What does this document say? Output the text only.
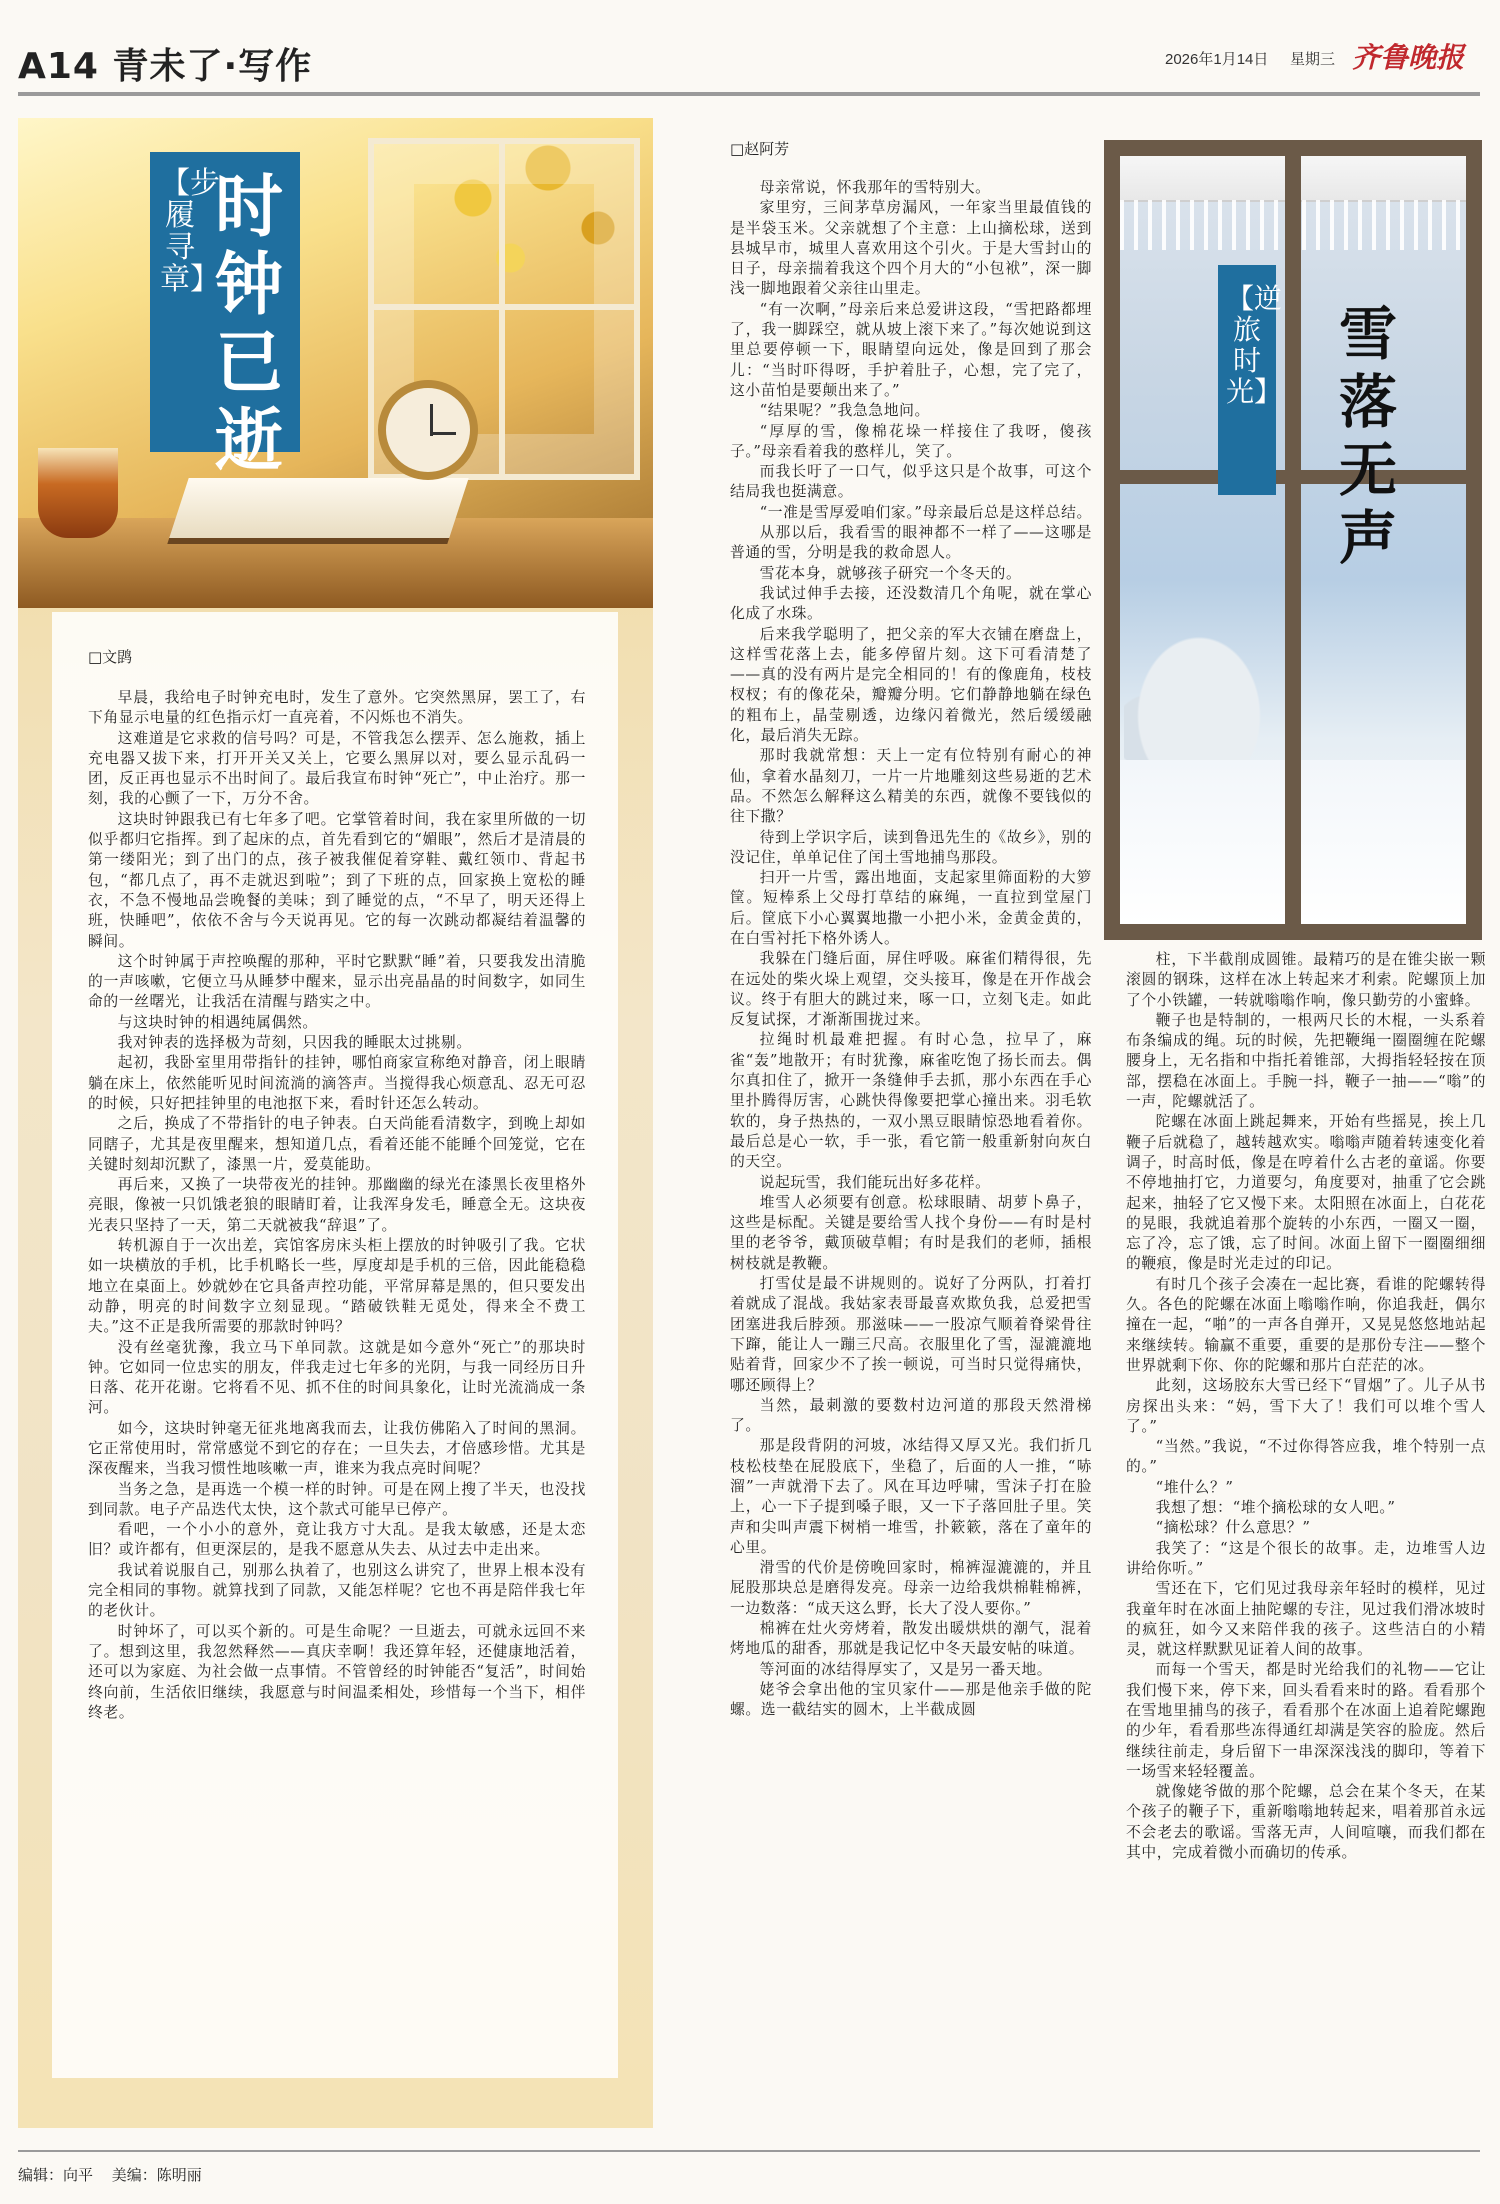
A14 青未了·写作	2026年1月14日 星期三 齐鲁晚报
【步履寻章】
时钟已逝
□文鹍

早晨，我给电子时钟充电时，发生了意外。它突然黑屏，罢工了，右下角显示电量的红色指示灯一直亮着，不闪烁也不消失。

这难道是它求救的信号吗？可是，不管我怎么摆弄、怎么施救，插上充电器又拔下来，打开开关又关上，它要么黑屏以对，要么显示乱码一团，反正再也显示不出时间了。最后我宣布时钟“死亡”，中止治疗。那一刻，我的心颤了一下，万分不舍。

这块时钟跟我已有七年多了吧。它掌管着时间，我在家里所做的一切似乎都归它指挥。到了起床的点，首先看到它的“媚眼”，然后才是清晨的第一缕阳光；到了出门的点，孩子被我催促着穿鞋、戴红领巾、背起书包，“都几点了，再不走就迟到啦”；到了下班的点，回家换上宽松的睡衣，不急不慢地品尝晚餐的美味；到了睡觉的点，“不早了，明天还得上班，快睡吧”，依依不舍与今天说再见。它的每一次跳动都凝结着温馨的瞬间。

这个时钟属于声控唤醒的那种，平时它默默“睡”着，只要我发出清脆的一声咳嗽，它便立马从睡梦中醒来，显示出亮晶晶的时间数字，如同生命的一丝曙光，让我活在清醒与踏实之中。

与这块时钟的相遇纯属偶然。

我对钟表的选择极为苛刻，只因我的睡眠太过挑剔。

起初，我卧室里用带指针的挂钟，哪怕商家宣称绝对静音，闭上眼睛躺在床上，依然能听见时间流淌的滴答声。当搅得我心烦意乱、忍无可忍的时候，只好把挂钟里的电池抠下来，看时针还怎么转动。

之后，换成了不带指针的电子钟表。白天尚能看清数字，到晚上却如同瞎子，尤其是夜里醒来，想知道几点，看着还能不能睡个回笼觉，它在关键时刻却沉默了，漆黑一片，爱莫能助。

再后来，又换了一块带夜光的挂钟。那幽幽的绿光在漆黑长夜里格外亮眼，像被一只饥饿老狼的眼睛盯着，让我浑身发毛，睡意全无。这块夜光表只坚持了一天，第二天就被我“辞退”了。

转机源自于一次出差，宾馆客房床头柜上摆放的时钟吸引了我。它状如一块横放的手机，比手机略长一些，厚度却是手机的三倍，因此能稳稳地立在桌面上。妙就妙在它具备声控功能，平常屏幕是黑的，但只要发出动静，明亮的时间数字立刻显现。“踏破铁鞋无觅处，得来全不费工夫。”这不正是我所需要的那款时钟吗？

没有丝毫犹豫，我立马下单同款。这就是如今意外“死亡”的那块时钟。它如同一位忠实的朋友，伴我走过七年多的光阴，与我一同经历日升日落、花开花谢。它将看不见、抓不住的时间具象化，让时光流淌成一条河。

如今，这块时钟毫无征兆地离我而去，让我仿佛陷入了时间的黑洞。它正常使用时，常常感觉不到它的存在；一旦失去，才倍感珍惜。尤其是深夜醒来，当我习惯性地咳嗽一声，谁来为我点亮时间呢？

当务之急，是再选一个模一样的时钟。可是在网上搜了半天，也没找到同款。电子产品迭代太快，这个款式可能早已停产。

看吧，一个小小的意外，竟让我方寸大乱。是我太敏感，还是太恋旧？或许都有，但更深层的，是我不愿意从失去、从过去中走出来。

我试着说服自己，别那么执着了，也别这么讲究了，世界上根本没有完全相同的事物。就算找到了同款，又能怎样呢？它也不再是陪伴我七年的老伙计。

时钟坏了，可以买个新的。可是生命呢？一旦逝去，可就永远回不来了。想到这里，我忽然释然——真庆幸啊！我还算年轻，还健康地活着，还可以为家庭、为社会做一点事情。不管曾经的时钟能否“复活”，时间始终向前，生活依旧继续，我愿意与时间温柔相处，珍惜每一个当下，相伴终老。

□赵阿芳

母亲常说，怀我那年的雪特别大。

家里穷，三间茅草房漏风，一年家当里最值钱的是半袋玉米。父亲就想了个主意：上山摘松球，送到县城早市，城里人喜欢用这个引火。于是大雪封山的日子，母亲揣着我这个四个月大的“小包袱”，深一脚浅一脚地跟着父亲往山里走。

“有一次啊，”母亲后来总爱讲这段，“雪把路都埋了，我一脚踩空，就从坡上滚下来了。”每次她说到这里总要停顿一下，眼睛望向远处，像是回到了那会儿：“当时吓得呀，手护着肚子，心想，完了完了，这小苗怕是要颠出来了。”

“结果呢？”我急急地问。

“厚厚的雪，像棉花垛一样接住了我呀，傻孩子。”母亲看着我的憨样儿，笑了。

而我长吁了一口气，似乎这只是个故事，可这个结局我也挺满意。

“一准是雪厚爱咱们家。”母亲最后总是这样总结。

从那以后，我看雪的眼神都不一样了——这哪是普通的雪，分明是我的救命恩人。

雪花本身，就够孩子研究一个冬天的。

我试过伸手去接，还没数清几个角呢，就在掌心化成了水珠。

后来我学聪明了，把父亲的军大衣铺在磨盘上，这样雪花落上去，能多停留片刻。这下可看清楚了——真的没有两片是完全相同的！有的像鹿角，枝枝杈杈；有的像花朵，瓣瓣分明。它们静静地躺在绿色的粗布上，晶莹剔透，边缘闪着微光，然后缓缓融化，最后消失无踪。

那时我就常想：天上一定有位特别有耐心的神仙，拿着水晶刻刀，一片一片地雕刻这些易逝的艺术品。不然怎么解释这么精美的东西，就像不要钱似的往下撒？

待到上学识字后，读到鲁迅先生的《故乡》，别的没记住，单单记住了闰土雪地捕鸟那段。

扫开一片雪，露出地面，支起家里筛面粉的大箩筐。短棒系上父母打草结的麻绳，一直拉到堂屋门后。筐底下小心翼翼地撒一小把小米，金黄金黄的，在白雪衬托下格外诱人。

我躲在门缝后面，屏住呼吸。麻雀们精得很，先在远处的柴火垛上观望，交头接耳，像是在开作战会议。终于有胆大的跳过来，啄一口，立刻飞走。如此反复试探，才渐渐围拢过来。

拉绳时机最难把握。有时心急，拉早了，麻雀“轰”地散开；有时犹豫，麻雀吃饱了扬长而去。偶尔真扣住了，掀开一条缝伸手去抓，那小东西在手心里扑腾得厉害，心跳快得像要把掌心撞出来。羽毛软软的，身子热热的，一双小黑豆眼睛惊恐地看着你。最后总是心一软，手一张，看它箭一般重新射向灰白的天空。

说起玩雪，我们能玩出好多花样。

堆雪人必须要有创意。松球眼睛、胡萝卜鼻子，这些是标配。关键是要给雪人找个身份——有时是村里的老爷爷，戴顶破草帽；有时是我们的老师，插根树枝就是教鞭。

打雪仗是最不讲规则的。说好了分两队，打着打着就成了混战。我姑家表哥最喜欢欺负我，总爱把雪团塞进我后脖颈。那滋味——一股凉气顺着脊梁骨往下蹿，能让人一蹦三尺高。衣服里化了雪，湿漉漉地贴着背，回家少不了挨一顿说，可当时只觉得痛快，哪还顾得上？

当然，最刺激的要数村边河道的那段天然滑梯了。

那是段背阴的河坡，冰结得又厚又光。我们折几枝松枝垫在屁股底下，坐稳了，后面的人一推，“哧溜”一声就滑下去了。风在耳边呼啸，雪沫子打在脸上，心一下子提到嗓子眼，又一下子落回肚子里。笑声和尖叫声震下树梢一堆雪，扑簌簌，落在了童年的心里。

滑雪的代价是傍晚回家时，棉裤湿漉漉的，并且屁股那块总是磨得发亮。母亲一边给我烘棉鞋棉裤，一边数落：“成天这么野，长大了没人要你。”

棉裤在灶火旁烤着，散发出暖烘烘的潮气，混着烤地瓜的甜香，那就是我记忆中冬天最安帖的味道。

等河面的冰结得厚实了，又是另一番天地。

姥爷会拿出他的宝贝家什——那是他亲手做的陀螺。选一截结实的圆木，上半截成圆

【逆旅时光】
雪落无声

柱，下半截削成圆锥。最精巧的是在锥尖嵌一颗滚圆的钢珠，这样在冰上转起来才利索。陀螺顶上加了个小铁罐，一转就嗡嗡作响，像只勤劳的小蜜蜂。

鞭子也是特制的，一根两尺长的木棍，一头系着布条编成的绳。玩的时候，先把鞭绳一圈圈缠在陀螺腰身上，无名指和中指托着锥部，大拇指轻轻按在顶部，摆稳在冰面上。手腕一抖，鞭子一抽——“嗡”的一声，陀螺就活了。

陀螺在冰面上跳起舞来，开始有些摇晃，挨上几鞭子后就稳了，越转越欢实。嗡嗡声随着转速变化着调子，时高时低，像是在哼着什么古老的童谣。你要不停地抽打它，力道要匀，角度要对，抽重了它会跳起来，抽轻了它又慢下来。太阳照在冰面上，白花花的晃眼，我就追着那个旋转的小东西，一圈又一圈，忘了冷，忘了饿，忘了时间。冰面上留下一圈圈细细的鞭痕，像是时光走过的印记。

有时几个孩子会凑在一起比赛，看谁的陀螺转得久。各色的陀螺在冰面上嗡嗡作响，你追我赶，偶尔撞在一起，“啪”的一声各自弹开，又晃晃悠悠地站起来继续转。输赢不重要，重要的是那份专注——整个世界就剩下你、你的陀螺和那片白茫茫的冰。

此刻，这场胶东大雪已经下“冒烟”了。儿子从书房探出头来：“妈，雪下大了！我们可以堆个雪人了。”

“当然。”我说，“不过你得答应我，堆个特别一点的。”

“堆什么？”

我想了想：“堆个摘松球的女人吧。”

“摘松球？什么意思？”

我笑了：“这是个很长的故事。走，边堆雪人边讲给你听。”

雪还在下，它们见过我母亲年轻时的模样，见过我童年时在冰面上抽陀螺的专注，见过我们滑冰坡时的疯狂，如今又来陪伴我的孩子。这些洁白的小精灵，就这样默默见证着人间的故事。

而每一个雪天，都是时光给我们的礼物——它让我们慢下来，停下来，回头看看来时的路。看看那个在雪地里捕鸟的孩子，看看那个在冰面上追着陀螺跑的少年，看看那些冻得通红却满是笑容的脸庞。然后继续往前走，身后留下一串深深浅浅的脚印，等着下一场雪来轻轻覆盖。

就像姥爷做的那个陀螺，总会在某个冬天，在某个孩子的鞭子下，重新嗡嗡地转起来，唱着那首永远不会老去的歌谣。雪落无声，人间喧嚷，而我们都在其中，完成着微小而确切的传承。

编辑：向平 美编：陈明丽
